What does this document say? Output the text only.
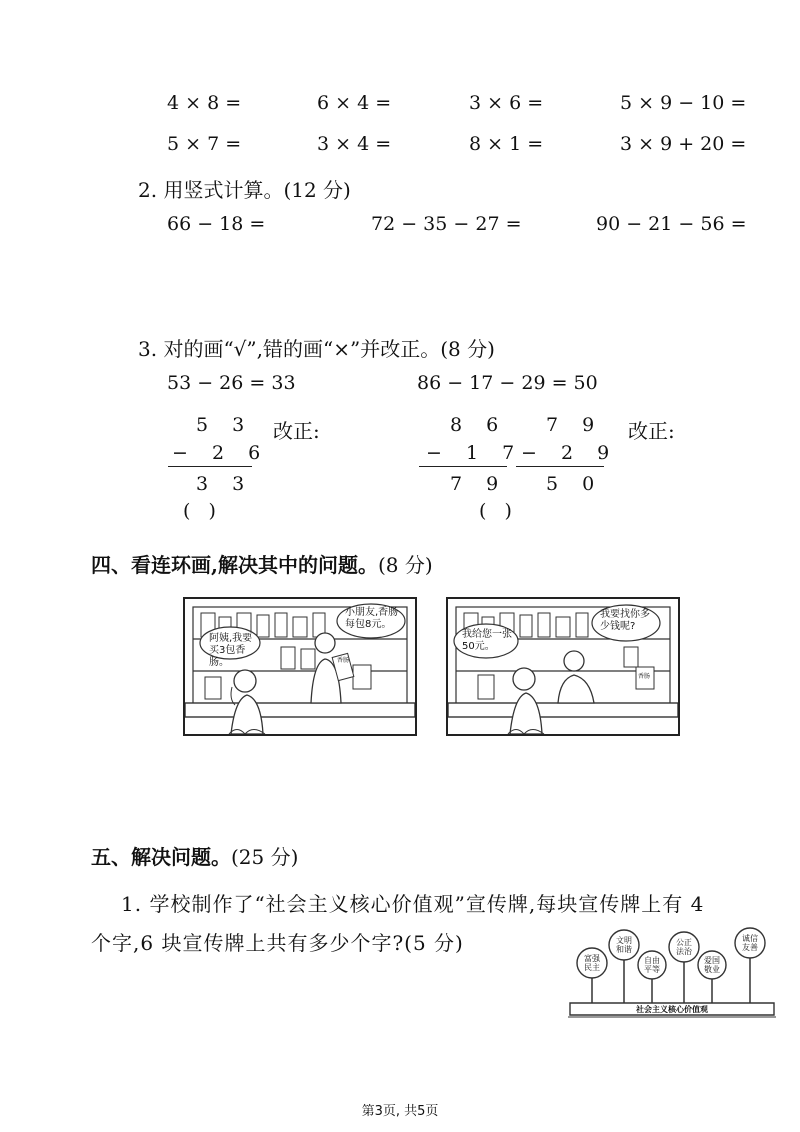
4 × 8 =	6 × 4 =	3 × 6 =	5 × 9 − 10 =
5 × 7 =	3 × 4 =	8 × 1 =	3 × 9 + 20 =
2. 用竖式计算。(12 分)
66 − 18 =	72 − 35 − 27 =	90 − 21 − 56 =
3. 对的画“√”,错的画“×”并改正。(8 分)
53 − 26 = 33	86 − 17 − 29 = 50
5 3
− 2 6
3 3
改正:
( )
8 6
− 1 7
7 9
( )
7 9
− 2 9
5 0
改正:
四、看连环画,解决其中的问题。(8 分)
阿姨,我要买3包香肠。
小朋友,香肠每包8元。
香肠
我给您一张50元。
我要找你多少钱呢?
香肠
五、解决问题。(25 分)
1. 学校制作了“社会主义核心价值观”宣传牌,每块宣传牌上有 4
个字,6 块宣传牌上共有多少个字?(5 分)
富强民主
文明和谐
自由平等
公正法治
爱国敬业
诚信友善
社会主义核心价值观
第3页, 共5页
